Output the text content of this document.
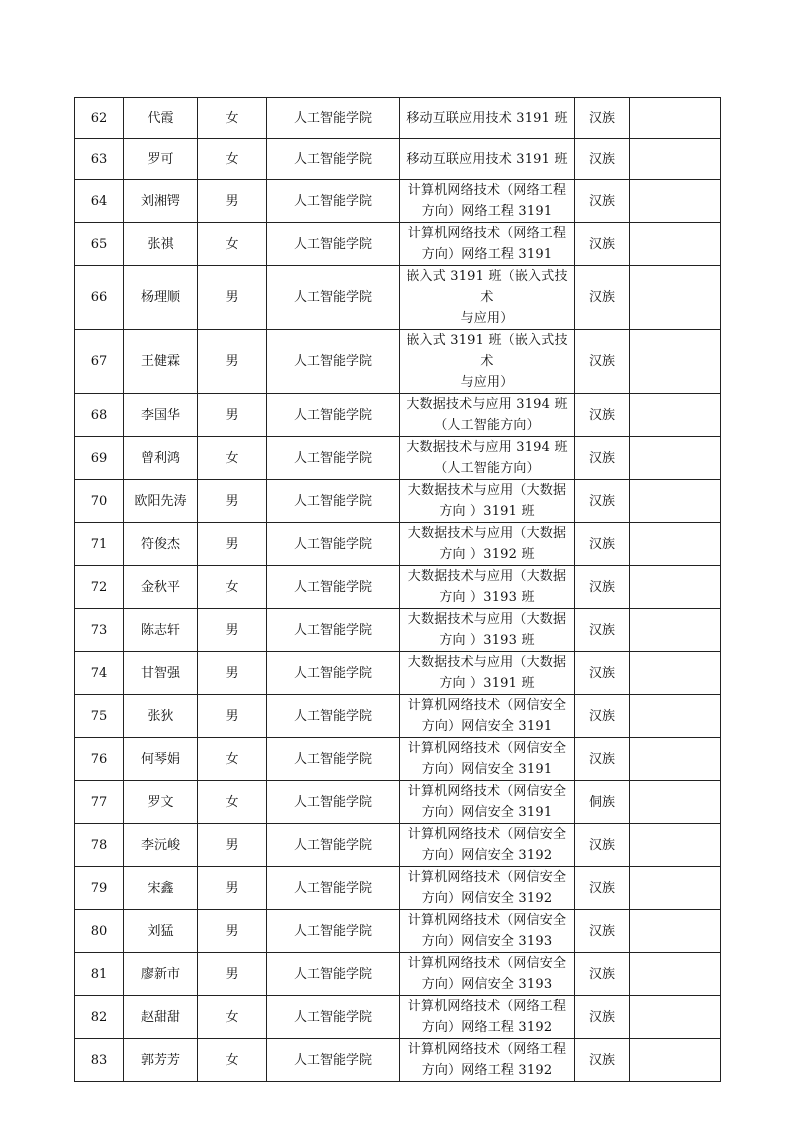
62	代霞	女	人工智能学院	移动互联应用技术 3191 班	汉族	
63	罗可	女	人工智能学院	移动互联应用技术 3191 班	汉族	
64	刘湘锷	男	人工智能学院	计算机网络技术（网络工程
方向）网络工程 3191	汉族	
65	张祺	女	人工智能学院	计算机网络技术（网络工程
方向）网络工程 3191	汉族	
66	杨理顺	男	人工智能学院	嵌入式 3191 班（嵌入式技术
与应用）	汉族	
67	王健霖	男	人工智能学院	嵌入式 3191 班（嵌入式技术
与应用）	汉族	
68	李国华	男	人工智能学院	大数据技术与应用 3194 班
（人工智能方向）	汉族	
69	曾利鸿	女	人工智能学院	大数据技术与应用 3194 班
（人工智能方向）	汉族	
70	欧阳先涛	男	人工智能学院	大数据技术与应用（大数据
方向 ）3191 班	汉族	
71	符俊杰	男	人工智能学院	大数据技术与应用（大数据
方向 ）3192 班	汉族	
72	金秋平	女	人工智能学院	大数据技术与应用（大数据
方向 ）3193 班	汉族	
73	陈志轩	男	人工智能学院	大数据技术与应用（大数据
方向 ）3193 班	汉族	
74	甘智强	男	人工智能学院	大数据技术与应用（大数据
方向 ）3191 班	汉族	
75	张狄	男	人工智能学院	计算机网络技术（网信安全
方向）网信安全 3191	汉族	
76	何琴娟	女	人工智能学院	计算机网络技术（网信安全
方向）网信安全 3191	汉族	
77	罗文	女	人工智能学院	计算机网络技术（网信安全
方向）网信安全 3191	侗族	
78	李沅峻	男	人工智能学院	计算机网络技术（网信安全
方向）网信安全 3192	汉族	
79	宋鑫	男	人工智能学院	计算机网络技术（网信安全
方向）网信安全 3192	汉族	
80	刘猛	男	人工智能学院	计算机网络技术（网信安全
方向）网信安全 3193	汉族	
81	廖新市	男	人工智能学院	计算机网络技术（网信安全
方向）网信安全 3193	汉族	
82	赵甜甜	女	人工智能学院	计算机网络技术（网络工程
方向）网络工程 3192	汉族	
83	郭芳芳	女	人工智能学院	计算机网络技术（网络工程
方向）网络工程 3192	汉族	
